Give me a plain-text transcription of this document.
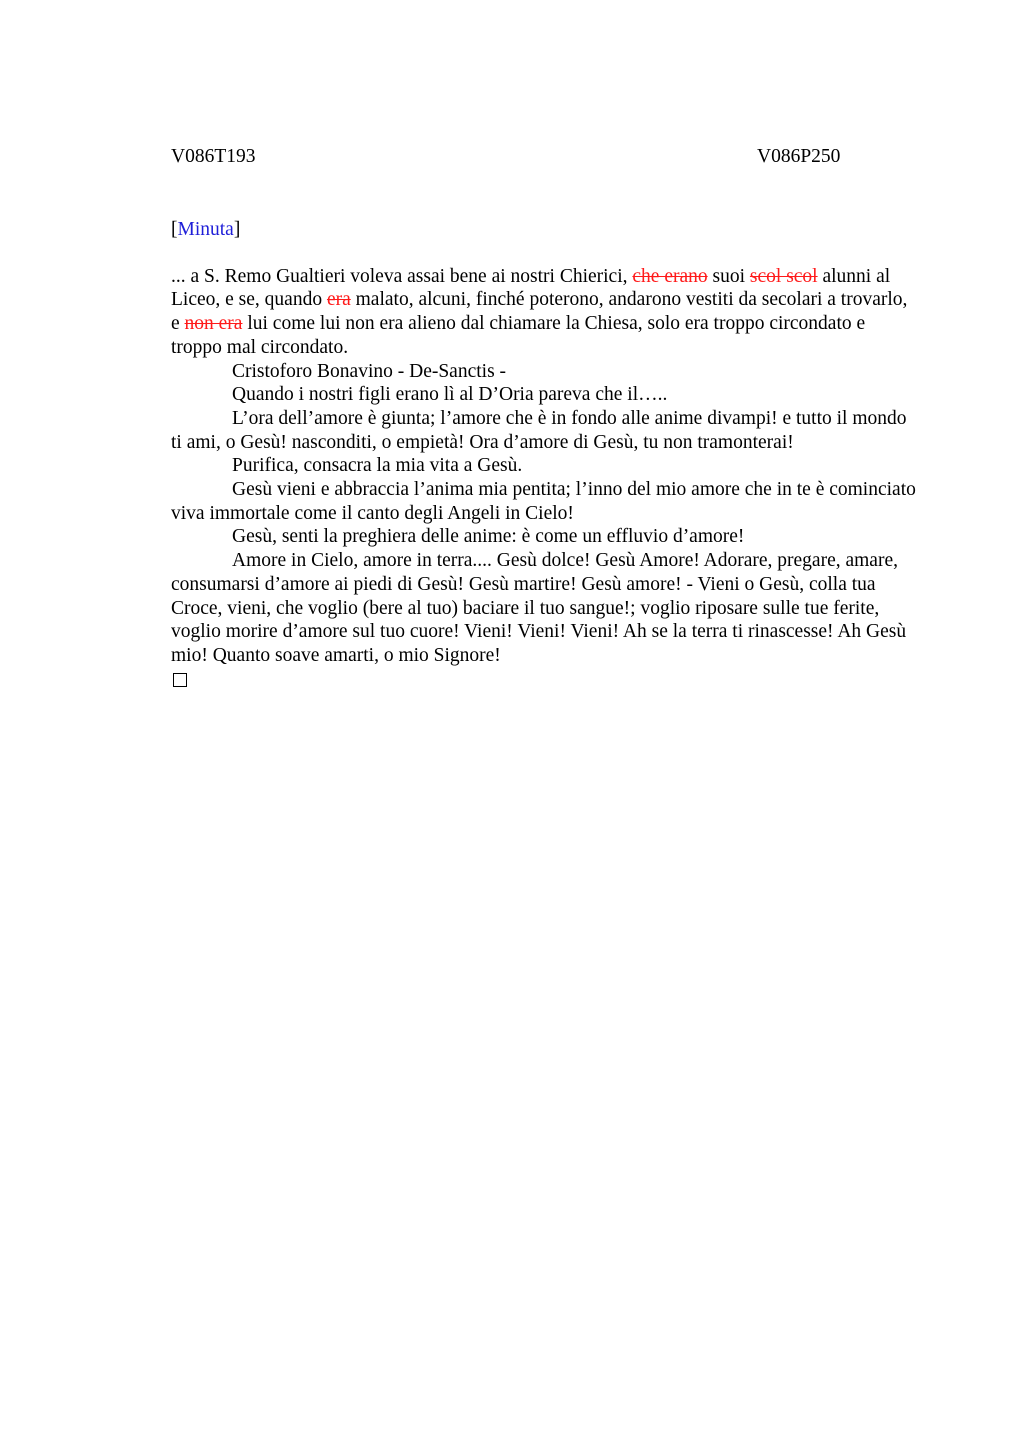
V086T193	V086P250
[Minuta]

... a S. Remo Gualtieri voleva assai bene ai nostri Chierici, che erano suoi scol scol alunni al Liceo, e se, quando era malato, alcuni, finché poterono, andarono vestiti da secolari a trovarlo, e non era lui come lui non era alieno dal chiamare la Chiesa, solo era troppo circondato e troppo mal circondato.

Cristoforo Bonavino - De-Sanctis -

Quando i nostri figli erano lì al D’Oria pareva che il…..

L’ora dell’amore è giunta; l’amore che è in fondo alle anime divampi! e tutto il mondo ti ami, o Gesù! nasconditi, o empietà! Ora d’amore di Gesù, tu non tramonterai!

Purifica, consacra la mia vita a Gesù.

Gesù vieni e abbraccia l’anima mia pentita; l’inno del mio amore che in te è cominciato viva immortale come il canto degli Angeli in Cielo!

Gesù, senti la preghiera delle anime: è come un effluvio d’amore!

Amore in Cielo, amore in terra.... Gesù dolce! Gesù Amore! Adorare, pregare, amare, consumarsi d’amore ai piedi di Gesù! Gesù martire! Gesù amore! - Vieni o Gesù, colla tua Croce, vieni, che voglio (bere al tuo) baciare il tuo sangue!; voglio riposare sulle tue ferite, voglio morire d’amore sul tuo cuore! Vieni! Vieni! Vieni! Ah se la terra ti rinascesse! Ah Gesù mio! Quanto soave amarti, o mio Signore!
